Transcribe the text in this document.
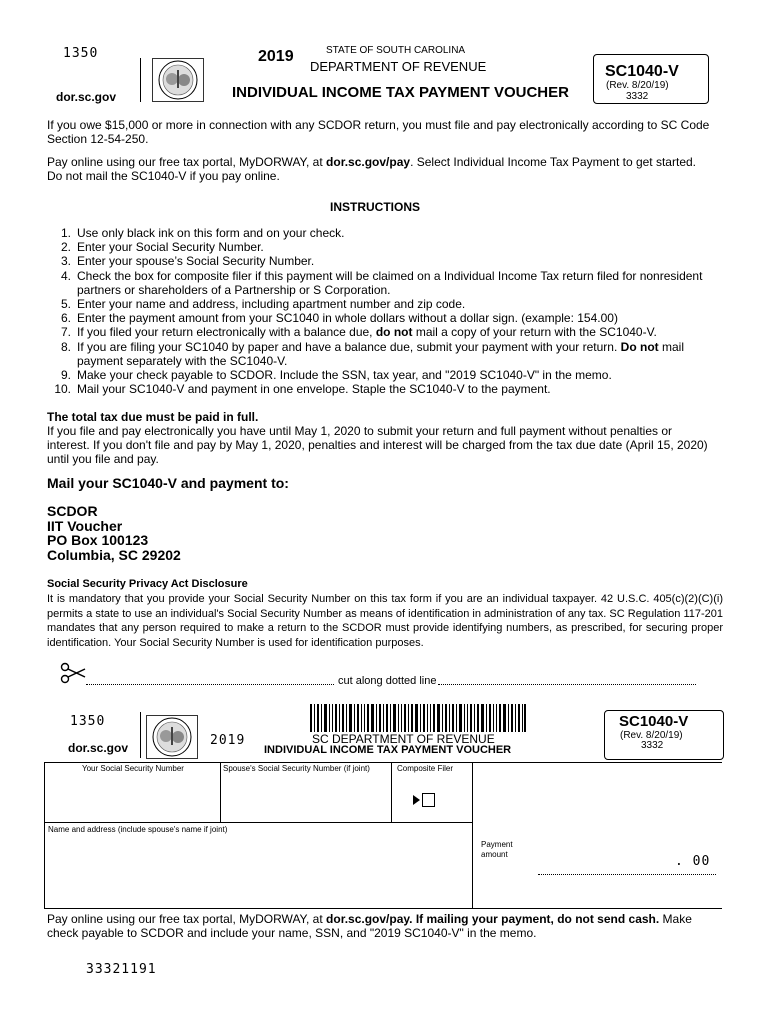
1350
dor.sc.gov
2019	STATE OF SOUTH CAROLINA
DEPARTMENT OF REVENUE
INDIVIDUAL INCOME TAX PAYMENT VOUCHER
SC1040-V
(Rev. 8/20/19)
3332
If you owe $15,000 or more in connection with any SCDOR return, you must file and pay electronically according to SC Code Section 12-54-250.
Pay online using our free tax portal, MyDORWAY, at dor.sc.gov/pay. Select Individual Income Tax Payment to get started. Do not mail the SC1040-V if you pay online.
INSTRUCTIONS
1. Use only black ink on this form and on your check.
2. Enter your Social Security Number.
3. Enter your spouse’s Social Security Number.
4. Check the box for composite filer if this payment will be claimed on a Individual Income Tax return filed for nonresident partners or shareholders of a Partnership or S Corporation.
5. Enter your name and address, including apartment number and zip code.
6. Enter the payment amount from your SC1040 in whole dollars without a dollar sign. (example: 154.00)
7. If you filed your return electronically with a balance due, do not mail a copy of your return with the SC1040-V.
8. If you are filing your SC1040 by paper and have a balance due, submit your payment with your return. Do not mail payment separately with the SC1040-V.
9. Make your check payable to SCDOR. Include the SSN, tax year, and "2019 SC1040-V" in the memo.
10. Mail your SC1040-V and payment in one envelope. Staple the SC1040-V to the payment.
The total tax due must be paid in full.
If you file and pay electronically you have until May 1, 2020 to submit your return and full payment without penalties or interest. If you don't file and pay by May 1, 2020, penalties and interest will be charged from the tax due date (April 15, 2020) until you file and pay.
Mail your SC1040-V and payment to:
SCDOR
IIT Voucher
PO Box 100123
Columbia, SC 29202
Social Security Privacy Act Disclosure
It is mandatory that you provide your Social Security Number on this tax form if you are an individual taxpayer. 42 U.S.C. 405(c)(2)(C)(i) permits a state to use an individual's Social Security Number as means of identification in administration of any tax. SC Regulation 117-201 mandates that any person required to make a return to the SCDOR must provide identifying numbers, as prescribed, for securing proper identification. Your Social Security Number is used for identification purposes.
cut along dotted line
1350
dor.sc.gov	2019	SC DEPARTMENT OF REVENUE
INDIVIDUAL INCOME TAX PAYMENT VOUCHER
SC1040-V
(Rev. 8/20/19)
3332
Your Social Security Number	Spouse's Social Security Number (if joint)	Composite Filer
Name and address (include spouse's name if joint)
Payment
amount	. 00
Pay online using our free tax portal, MyDORWAY, at dor.sc.gov/pay. If mailing your payment, do not send cash. Make check payable to SCDOR and include your name, SSN, and "2019 SC1040-V" in the memo.
33321191
